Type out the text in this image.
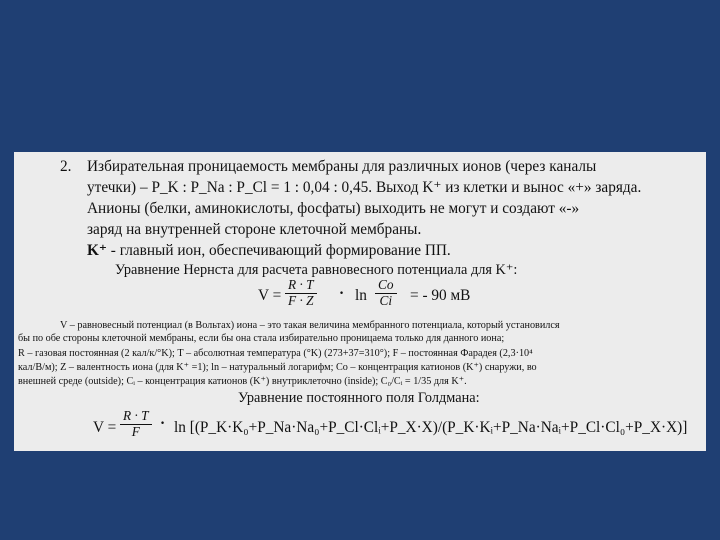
2. Избирательная проницаемость мембраны для различных ионов (через каналы
утечки) – P_K : P_Na : P_Cl = 1 : 0,04 : 0,45. Выход K⁺ из клетки и вынос «+» заряда.
Анионы (белки, аминокислоты, фосфаты) выходить не могут и создают «-»
заряд на внутренней стороне клеточной мембраны.
K⁺ - главный ион, обеспечивающий формирование ПП.
Уравнение Нернста для расчета равновесного потенциала для K⁺:
V =
R · T
F · Z · ln
Co
Ci = - 90 мВ
V – равновесный потенциал (в Вольтах) иона – это такая величина мембранного потенциала, который установился
бы по обе стороны клеточной мембраны, если бы она стала избирательно проницаема только для данного иона;
R – газовая постоянная (2 кал/к/°K); T – абсолютная температура (°K) (273+37=310°); F – постоянная Фарадея (2,3·10⁴
кал/В/м); Z – валентность иона (для K⁺ =1); ln – натуральный логарифм; Co – концентрация катионов (K⁺) снаружи, во
внешней среде (outside); Cᵢ – концентрация катионов (K⁺) внутриклеточно (inside); C₀/Cᵢ = 1/35 для K⁺.
Уравнение постоянного поля Голдмана:
V =
R · T
F · ln [(P_K·K₀+P_Na·Na₀+P_Cl·Clᵢ+P_X·X)/(P_K·Kᵢ+P_Na·Naᵢ+P_Cl·Cl₀+P_X·X)]
